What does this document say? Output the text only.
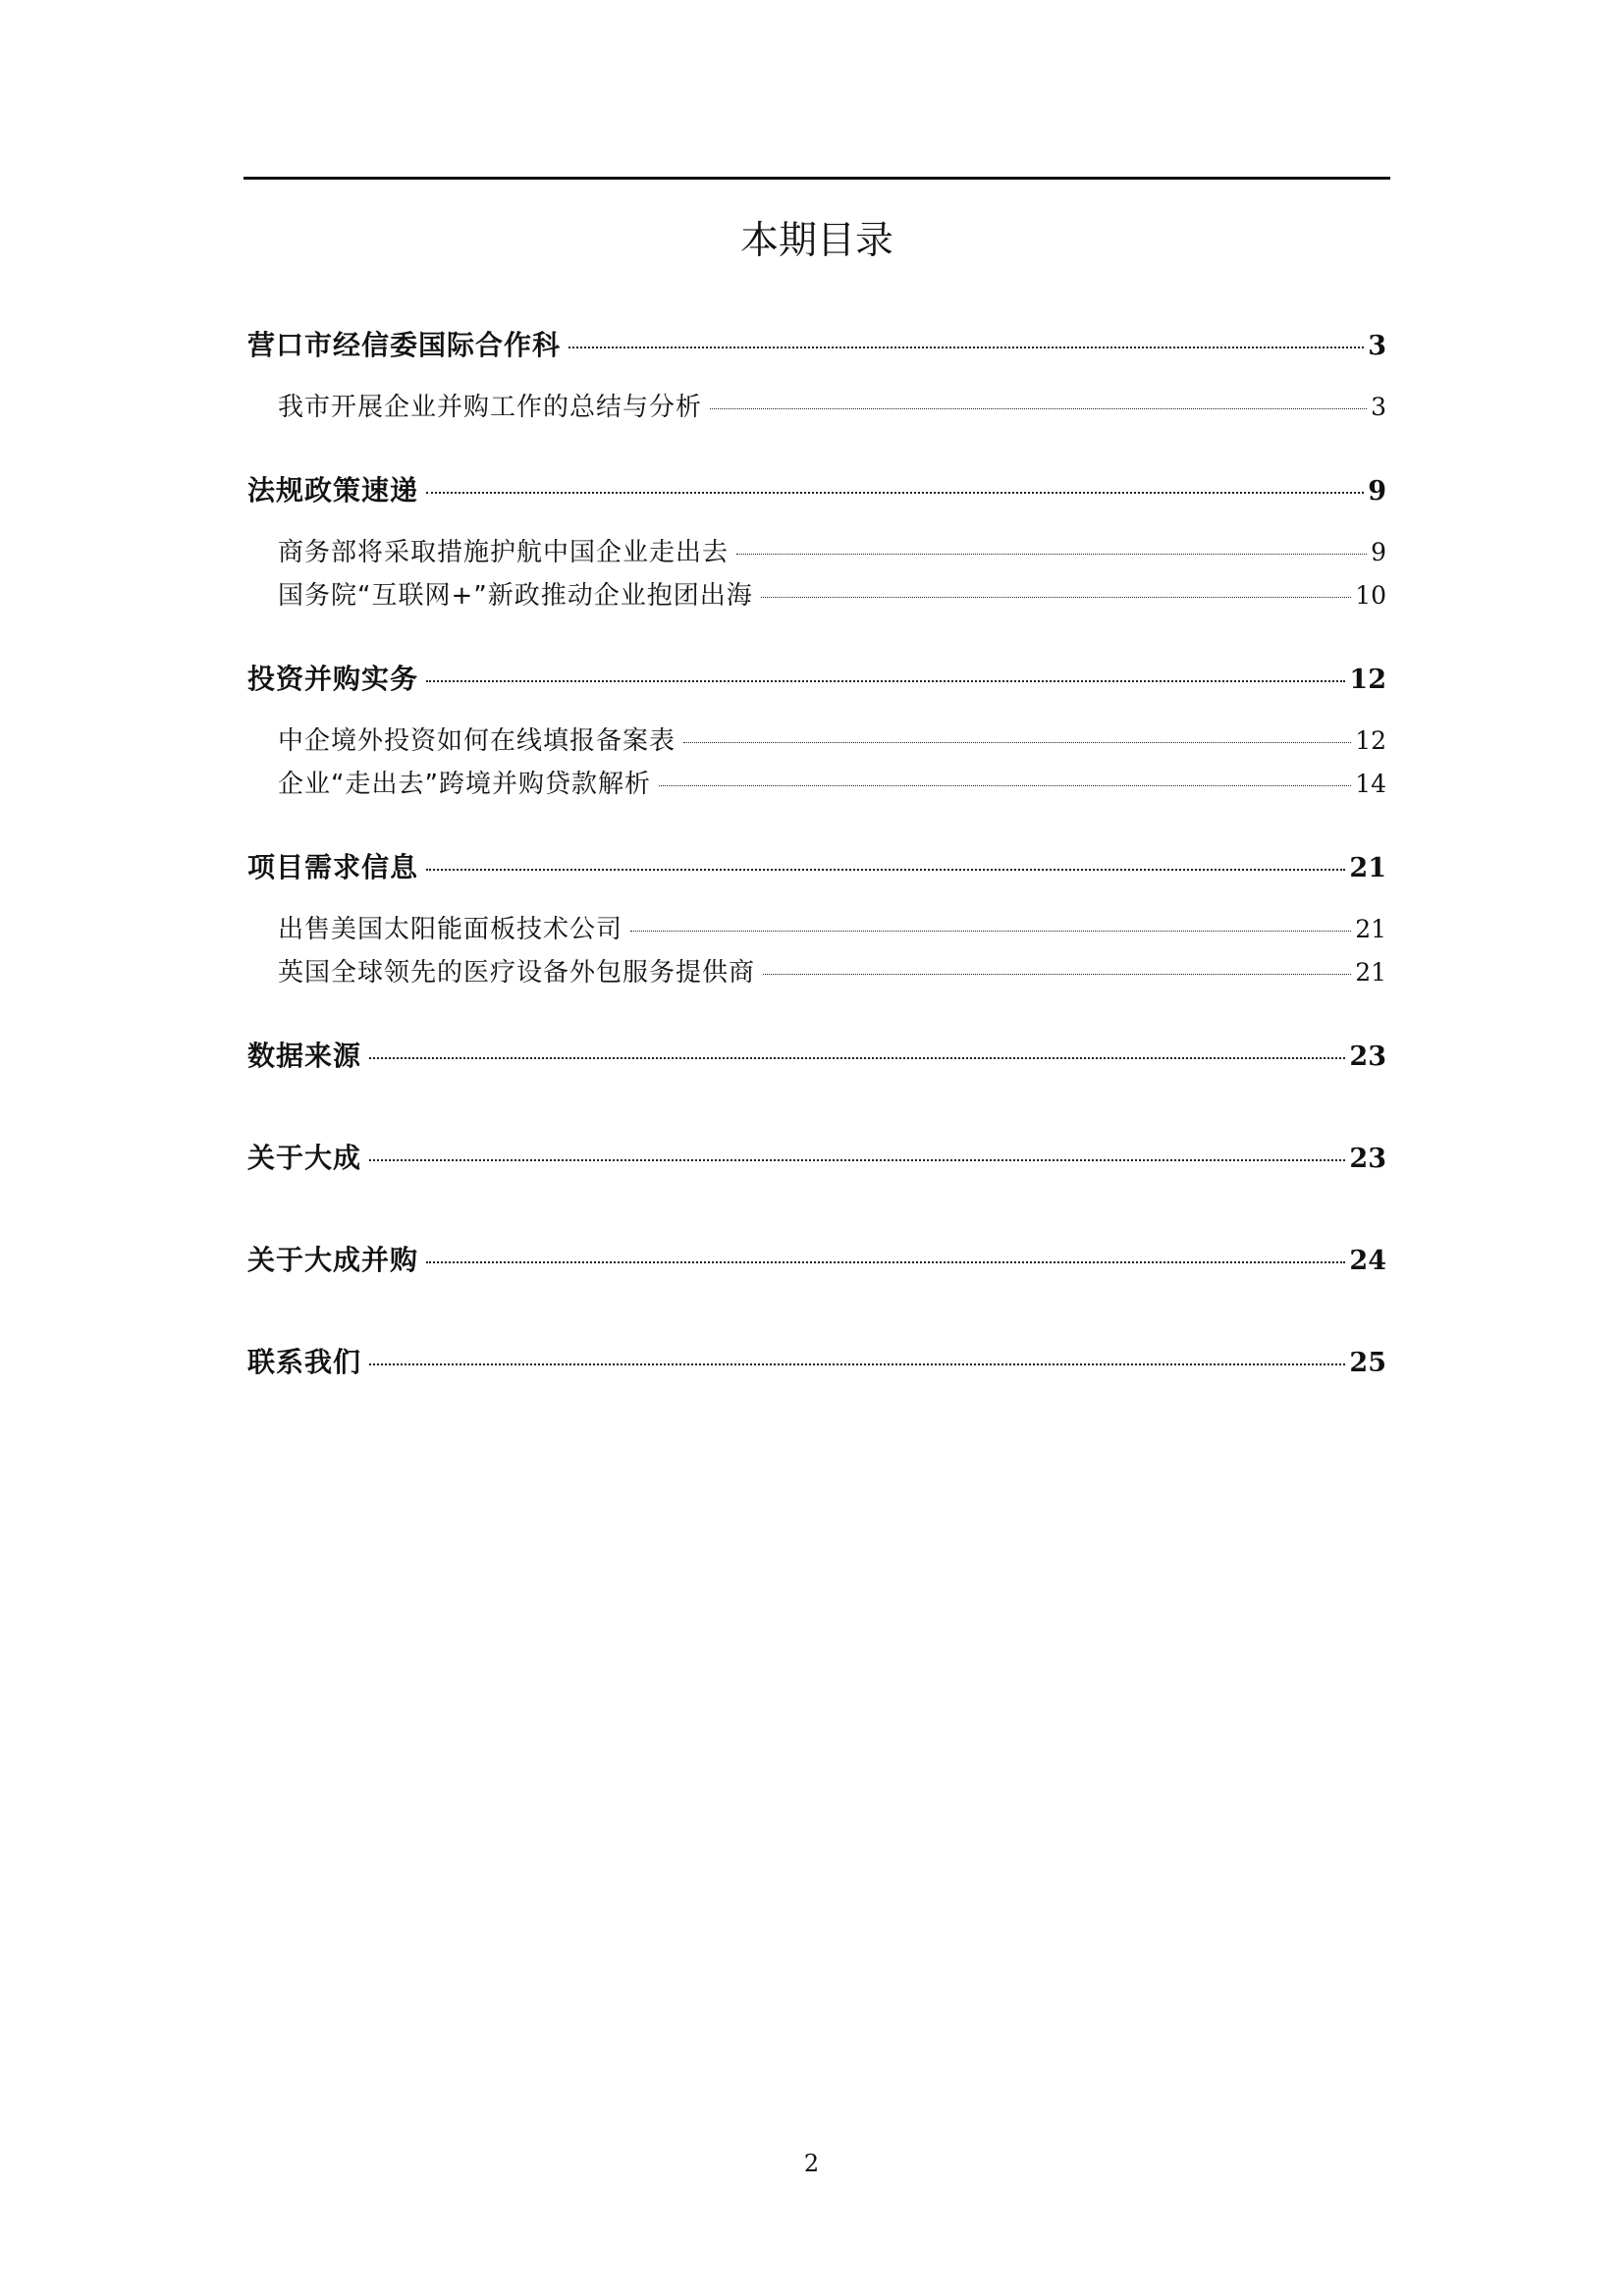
本期目录
营口市经信委国际合作科	3
我市开展企业并购工作的总结与分析	3
法规政策速递	9
商务部将采取措施护航中国企业走出去	9
国务院“互联网+”新政推动企业抱团出海	10
投资并购实务	12
中企境外投资如何在线填报备案表	12
企业“走出去”跨境并购贷款解析	14
项目需求信息	21
出售美国太阳能面板技术公司	21
英国全球领先的医疗设备外包服务提供商	21
数据来源	23
关于大成	23
关于大成并购	24
联系我们	25
2
